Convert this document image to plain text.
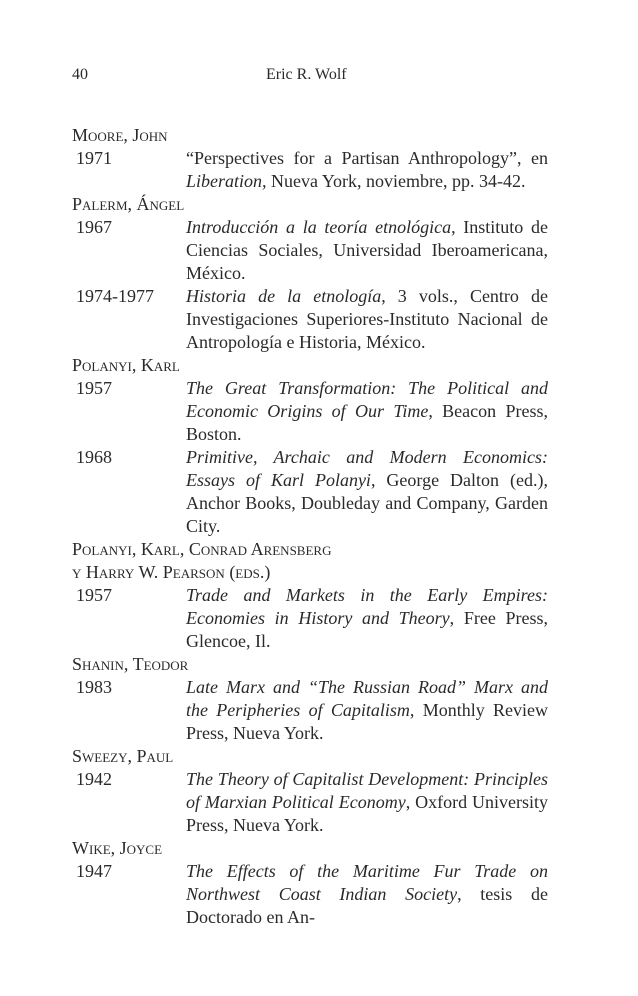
40	Eric R. Wolf
Moore, John
1971	“Perspectives for a Partisan Anthropology”, en Liberation, Nueva York, noviembre, pp. 34-42.
Palerm, Ángel
1967	Introducción a la teoría etnológica, Instituto de Ciencias Sociales, Universidad Iberoamericana, México.
1974-1977	Historia de la etnología, 3 vols., Centro de Investigaciones Superiores-Instituto Nacional de Antropología e Historia, México.
Polanyi, Karl
1957	The Great Transformation: The Political and Economic Origins of Our Time, Beacon Press, Boston.
1968	Primitive, Archaic and Modern Economics: Essays of Karl Polanyi, George Dalton (ed.), Anchor Books, Doubleday and Company, Garden City.
Polanyi, Karl, Conrad Arensberg
y Harry W. Pearson (eds.)
1957	Trade and Markets in the Early Empires: Economies in History and Theory, Free Press, Glencoe, Il.
Shanin, Teodor
1983	Late Marx and “The Russian Road” Marx and the Peripheries of Capitalism, Monthly Review Press, Nueva York.
Sweezy, Paul
1942	The Theory of Capitalist Development: Principles of Marxian Political Economy, Oxford University Press, Nueva York.
Wike, Joyce
1947	The Effects of the Maritime Fur Trade on Northwest Coast Indian Society, tesis de Doctorado en An-
